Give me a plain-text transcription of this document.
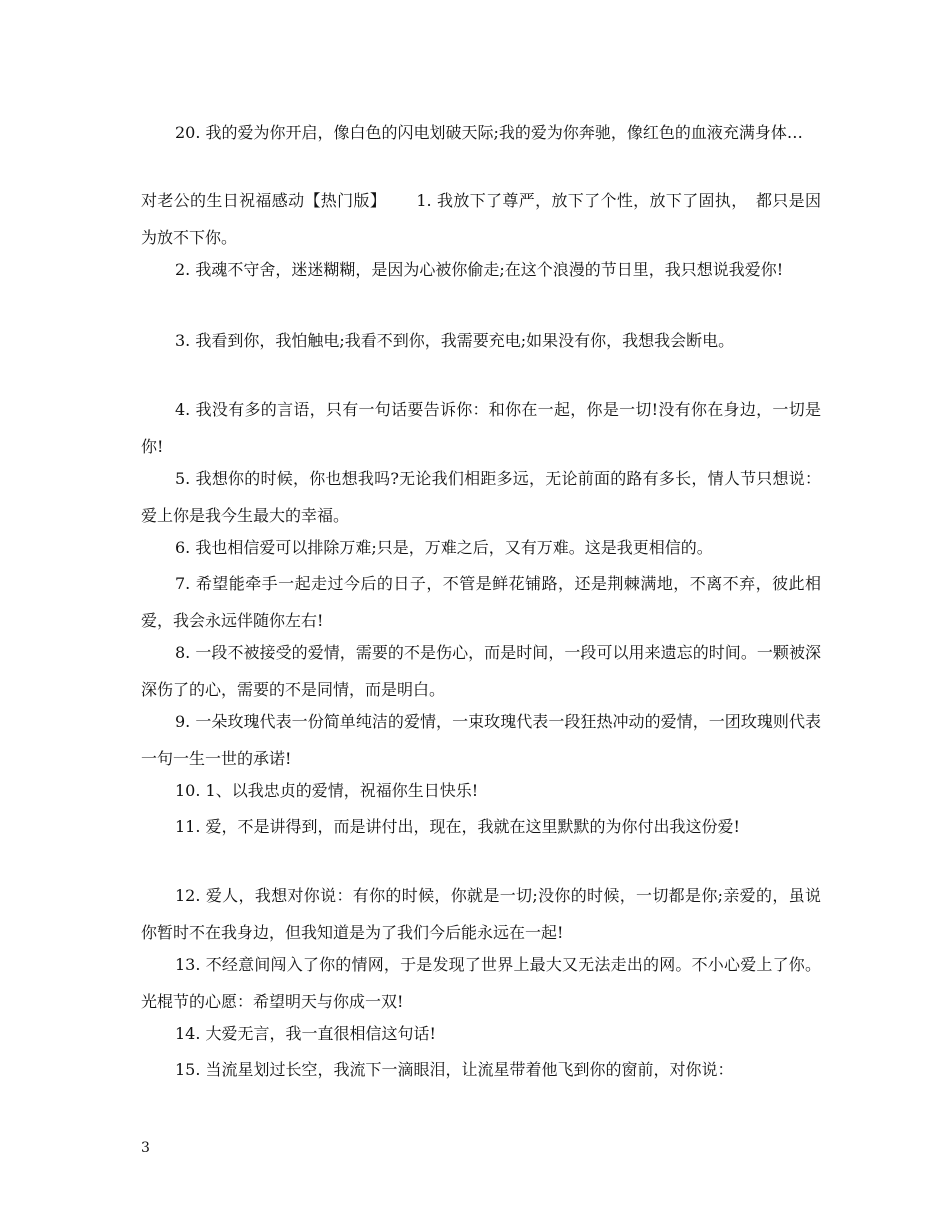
20. 我的爱为你开启，像白色的闪电划破天际;我的爱为你奔驰，像红色的血液充满身体…

对老公的生日祝福感动【热门版】　　 1. 我放下了尊严，放下了个性，放下了固执，　都只是因为放不下你。

2. 我魂不守舍，迷迷糊糊，是因为心被你偷走;在这个浪漫的节日里，我只想说我爱你!

3. 我看到你，我怕触电;我看不到你，我需要充电;如果没有你，我想我会断电。

4. 我没有多的言语，只有一句话要告诉你：和你在一起，你是一切!没有你在身边，一切是你!

5. 我想你的时候，你也想我吗?无论我们相距多远，无论前面的路有多长，情人节只想说：爱上你是我今生最大的幸福。

6. 我也相信爱可以排除万难;只是，万难之后，又有万难。这是我更相信的。

7. 希望能牵手一起走过今后的日子，不管是鲜花铺路，还是荆棘满地，不离不弃，彼此相爱，我会永远伴随你左右!

8. 一段不被接受的爱情，需要的不是伤心，而是时间，一段可以用来遗忘的时间。一颗被深深伤了的心，需要的不是同情，而是明白。

9. 一朵玫瑰代表一份简单纯洁的爱情，一束玫瑰代表一段狂热冲动的爱情，一团玫瑰则代表一句一生一世的承诺!

10. 1、以我忠贞的爱情，祝福你生日快乐!

11. 爱，不是讲得到，而是讲付出，现在，我就在这里默默的为你付出我这份爱!

12. 爱人，我想对你说：有你的时候，你就是一切;没你的时候，一切都是你;亲爱的，虽说你暂时不在我身边，但我知道是为了我们今后能永远在一起!

13. 不经意间闯入了你的情网，于是发现了世界上最大又无法走出的网。不小心爱上了你。光棍节的心愿：希望明天与你成一双!

14. 大爱无言，我一直很相信这句话!

15. 当流星划过长空，我流下一滴眼泪，让流星带着他飞到你的窗前，对你说：

3
